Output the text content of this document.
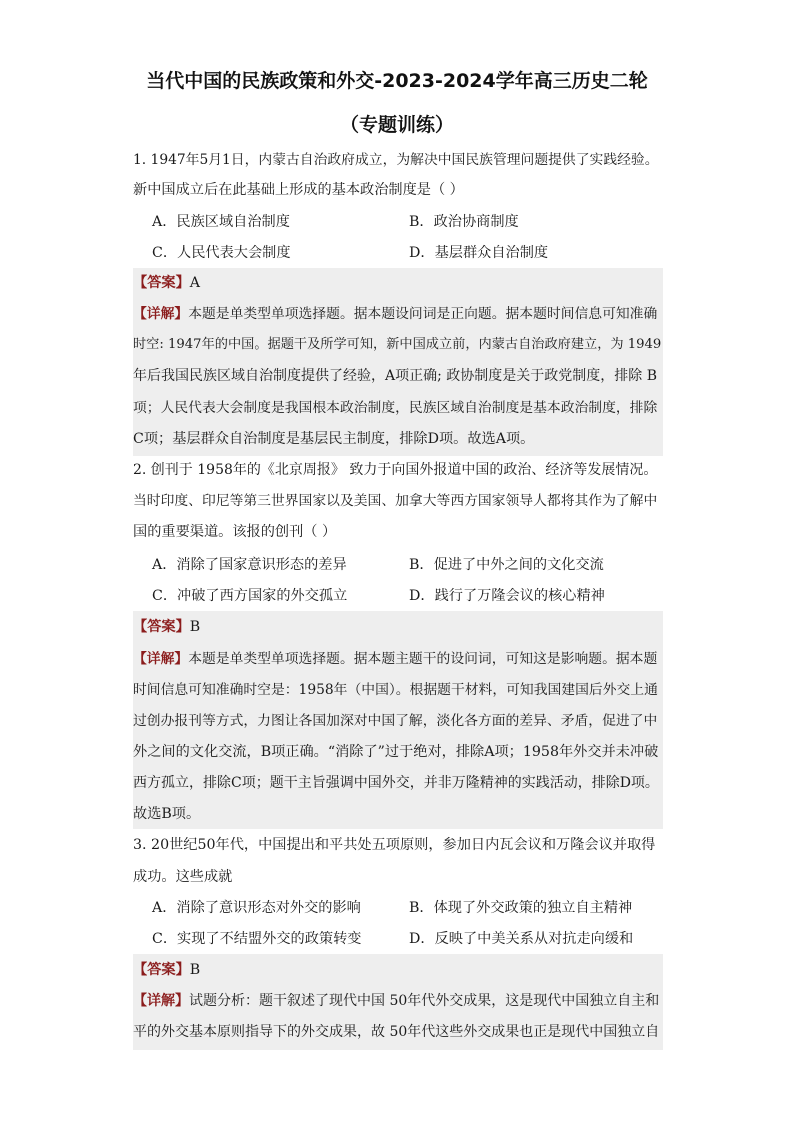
当代中国的民族政策和外交-2023-2024学年高三历史二轮
（专题训练）
1. 1947年5月1日，内蒙古自治政府成立，为解决中国民族管理问题提供了实践经验。
新中国成立后在此基础上形成的基本政治制度是（ ）
A．民族区域自治制度	B．政治协商制度
C．人民代表大会制度	D．基层群众自治制度
【答案】A
【详解】本题是单类型单项选择题。据本题设问词是正向题。据本题时间信息可知准确
时空: 1947年的中国。据题干及所学可知，新中国成立前，内蒙古自治政府建立，为 1949
年后我国民族区域自治制度提供了经验，A项正确; 政协制度是关于政党制度，排除 B
项；人民代表大会制度是我国根本政治制度，民族区域自治制度是基本政治制度，排除
C项；基层群众自治制度是基层民主制度，排除D项。故选A项。
2. 创刊于 1958年的《北京周报》 致力于向国外报道中国的政治、经济等发展情况。
当时印度、印尼等第三世界国家以及美国、加拿大等西方国家领导人都将其作为了解中
国的重要渠道。该报的创刊（ ）
A．消除了国家意识形态的差异	B．促进了中外之间的文化交流
C．冲破了西方国家的外交孤立	D．践行了万隆会议的核心精神
【答案】B
【详解】本题是单类型单项选择题。据本题主题干的设问词，可知这是影响题。据本题
时间信息可知准确时空是：1958年（中国）。根据题干材料，可知我国建国后外交上通
过创办报刊等方式，力图让各国加深对中国了解，淡化各方面的差异、矛盾，促进了中
外之间的文化交流，B项正确。“消除了”过于绝对，排除A项；1958年外交并未冲破
西方孤立，排除C项；题干主旨强调中国外交，并非万隆精神的实践活动，排除D项。
故选B项。
3. 20世纪50年代，中国提出和平共处五项原则，参加日内瓦会议和万隆会议并取得
成功。这些成就
A．消除了意识形态对外交的影响	B．体现了外交政策的独立自主精神
C．实现了不结盟外交的政策转变	D．反映了中美关系从对抗走向缓和
【答案】B
【详解】试题分析：题干叙述了现代中国 50年代外交成果，这是现代中国独立自主和
平的外交基本原则指导下的外交成果，故 50年代这些外交成果也正是现代中国独立自
